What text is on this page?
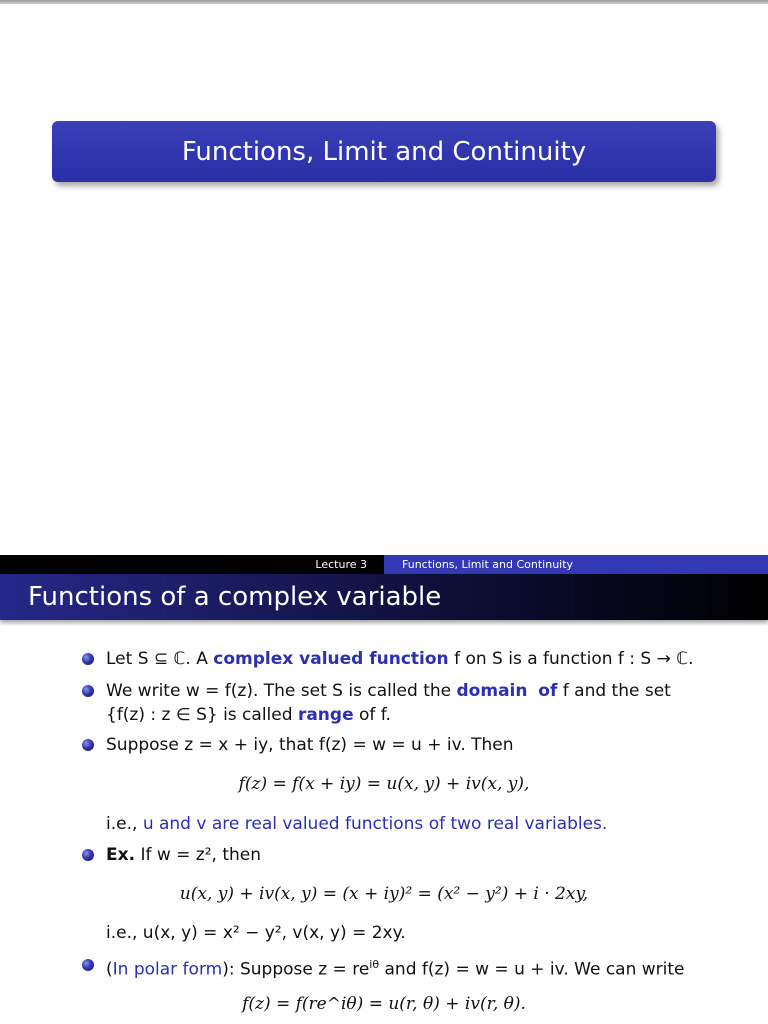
Functions, Limit and Continuity
Lecture 3	Functions, Limit and Continuity
Functions of a complex variable
Let S ⊆ ℂ. A complex valued function f on S is a function f : S → ℂ.
We write w = f(z). The set S is called the domain of f and the set
{f(z) : z ∈ S} is called range of f.
Suppose z = x + iy, that f(z) = w = u + iv. Then
f(z) = f(x + iy) = u(x, y) + iv(x, y),
i.e., u and v are real valued functions of two real variables.
Ex. If w = z², then
u(x, y) + iv(x, y) = (x + iy)² = (x² − y²) + i · 2xy,
i.e., u(x, y) = x² − y², v(x, y) = 2xy.
(In polar form): Suppose $z = re^{i\theta}$ and f(z) = w = u + iv. We can write
f(z) = f(re^iθ) = u(r, θ) + iv(r, θ).
